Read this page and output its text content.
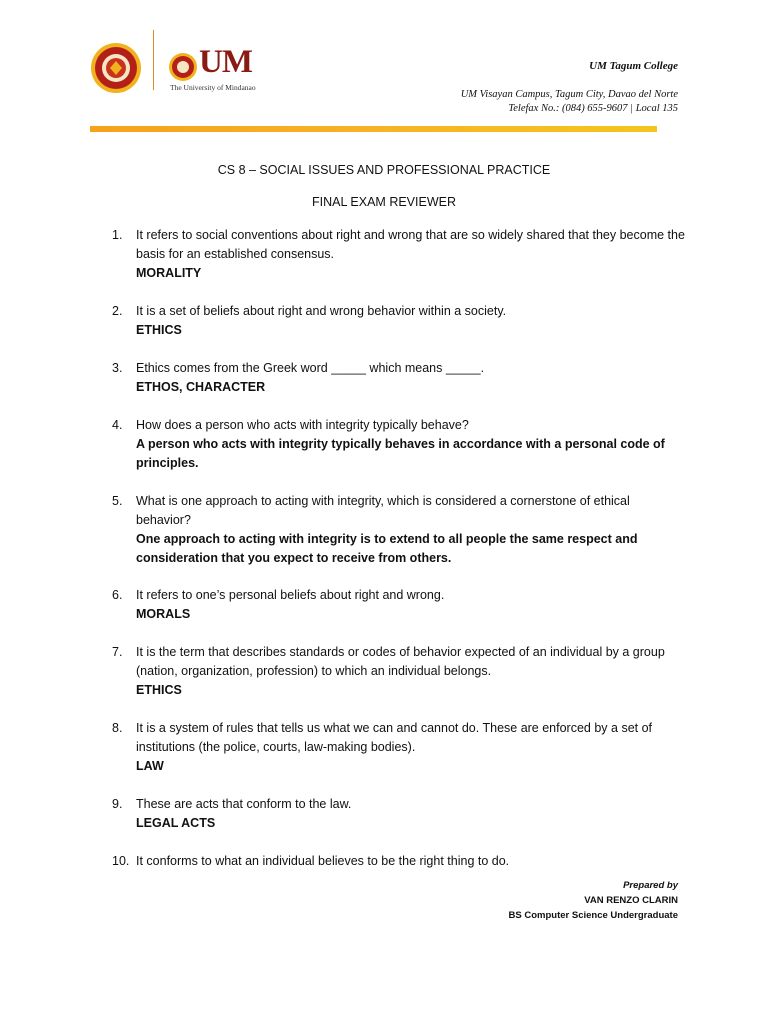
UM
The University of Mindanao
UM Tagum College
UM Visayan Campus, Tagum City, Davao del Norte
Telefax No.: (084) 655-9607 | Local 135
CS 8 – SOCIAL ISSUES AND PROFESSIONAL PRACTICE
FINAL EXAM REVIEWER
1.	It refers to social conventions about right and wrong that are so widely shared that they become the basis for an established consensus.
MORALITY
2.	It is a set of beliefs about right and wrong behavior within a society.
ETHICS
3.	Ethics comes from the Greek word _____ which means _____.
ETHOS, CHARACTER
4.	How does a person who acts with integrity typically behave?
A person who acts with integrity typically behaves in accordance with a personal code of principles.
5.	What is one approach to acting with integrity, which is considered a cornerstone of ethical behavior?
One approach to acting with integrity is to extend to all people the same respect and consideration that you expect to receive from others.
6.	It refers to one’s personal beliefs about right and wrong.
MORALS
7.	It is the term that describes standards or codes of behavior expected of an individual by a group (nation, organization, profession) to which an individual belongs.
ETHICS
8.	It is a system of rules that tells us what we can and cannot do. These are enforced by a set of institutions (the police, courts, law-making bodies).
LAW
9.	These are acts that conform to the law.
LEGAL ACTS
10. It conforms to what an individual believes to be the right thing to do.
Prepared by
VAN RENZO CLARIN
BS Computer Science Undergraduate
